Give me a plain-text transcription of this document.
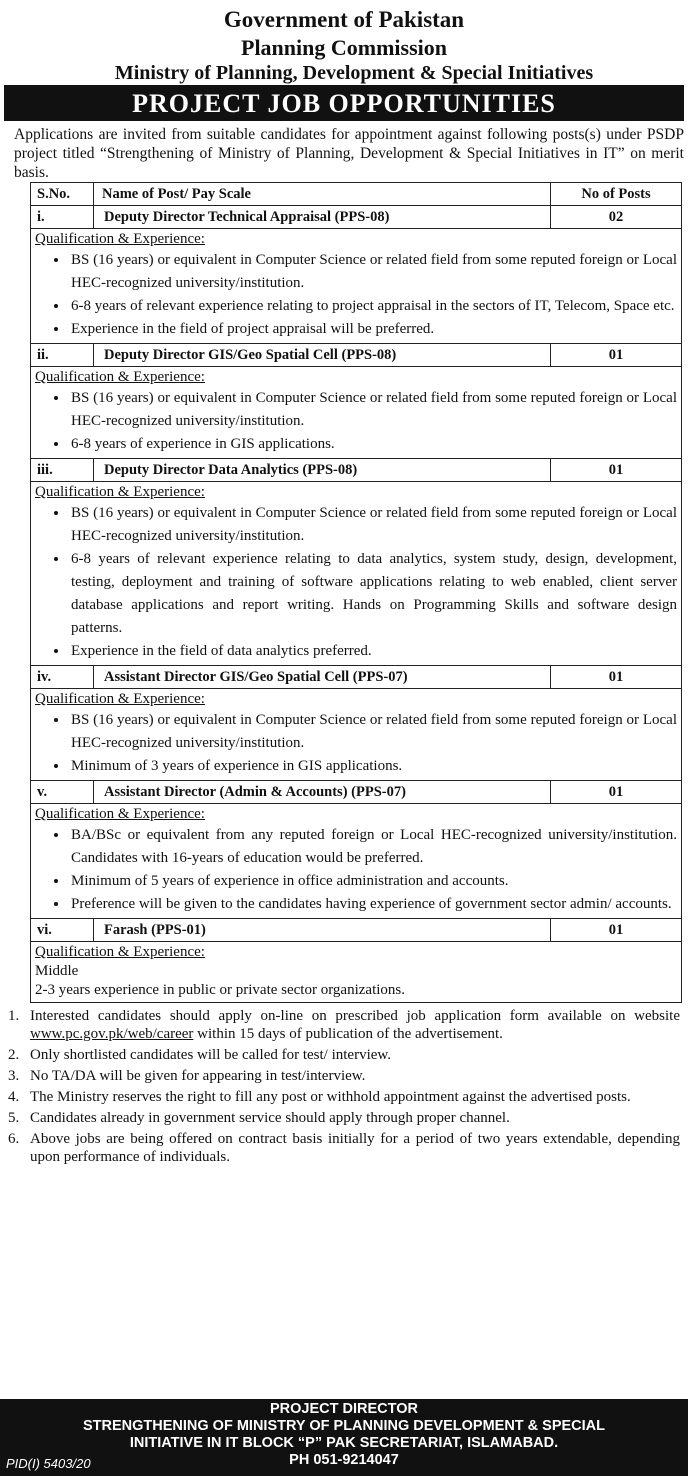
Government of Pakistan
Planning Commission
Ministry of Planning, Development & Special Initiatives
PROJECT JOB OPPORTUNITIES
Applications are invited from suitable candidates for appointment against following posts(s) under PSDP project titled “Strengthening of Ministry of Planning, Development & Special Initiatives in IT” on merit basis.
S.No.	Name of Post/ Pay Scale	No of Posts
i.	Deputy Director Technical Appraisal (PPS-08)	02
Qualification & Experience:
• BS (16 years) or equivalent in Computer Science or related field from some reputed foreign or Local HEC-recognized university/institution.
• 6-8 years of relevant experience relating to project appraisal in the sectors of IT, Telecom, Space etc.
• Experience in the field of project appraisal will be preferred.
ii.	Deputy Director GIS/Geo Spatial Cell (PPS-08)	01
Qualification & Experience:
• BS (16 years) or equivalent in Computer Science or related field from some reputed foreign or Local HEC-recognized university/institution.
• 6-8 years of experience in GIS applications.
iii.	Deputy Director Data Analytics (PPS-08)	01
Qualification & Experience:
• BS (16 years) or equivalent in Computer Science or related field from some reputed foreign or Local HEC-recognized university/institution.
• 6-8 years of relevant experience relating to data analytics, system study, design, development, testing, deployment and training of software applications relating to web enabled, client server database applications and report writing. Hands on Programming Skills and software design patterns.
• Experience in the field of data analytics preferred.
iv.	Assistant Director GIS/Geo Spatial Cell (PPS-07)	01
Qualification & Experience:
• BS (16 years) or equivalent in Computer Science or related field from some reputed foreign or Local HEC-recognized university/institution.
• Minimum of 3 years of experience in GIS applications.
v.	Assistant Director (Admin & Accounts) (PPS-07)	01
Qualification & Experience:
• BA/BSc or equivalent from any reputed foreign or Local HEC-recognized university/institution. Candidates with 16-years of education would be preferred.
• Minimum of 5 years of experience in office administration and accounts.
• Preference will be given to the candidates having experience of government sector admin/ accounts.
vi.	Farash (PPS-01)	01
Qualification & Experience:
Middle
2-3 years experience in public or private sector organizations.
1. Interested candidates should apply on-line on prescribed job application form available on website www.pc.gov.pk/web/career within 15 days of publication of the advertisement.
2. Only shortlisted candidates will be called for test/ interview.
3. No TA/DA will be given for appearing in test/interview.
4. The Ministry reserves the right to fill any post or withhold appointment against the advertised posts.
5. Candidates already in government service should apply through proper channel.
6. Above jobs are being offered on contract basis initially for a period of two years extendable, depending upon performance of individuals.
PROJECT DIRECTOR
STRENGTHENING OF MINISTRY OF PLANNING DEVELOPMENT & SPECIAL
INITIATIVE IN IT BLOCK “P” PAK SECRETARIAT, ISLAMABAD.
PH 051-9214047
PID(I) 5403/20
